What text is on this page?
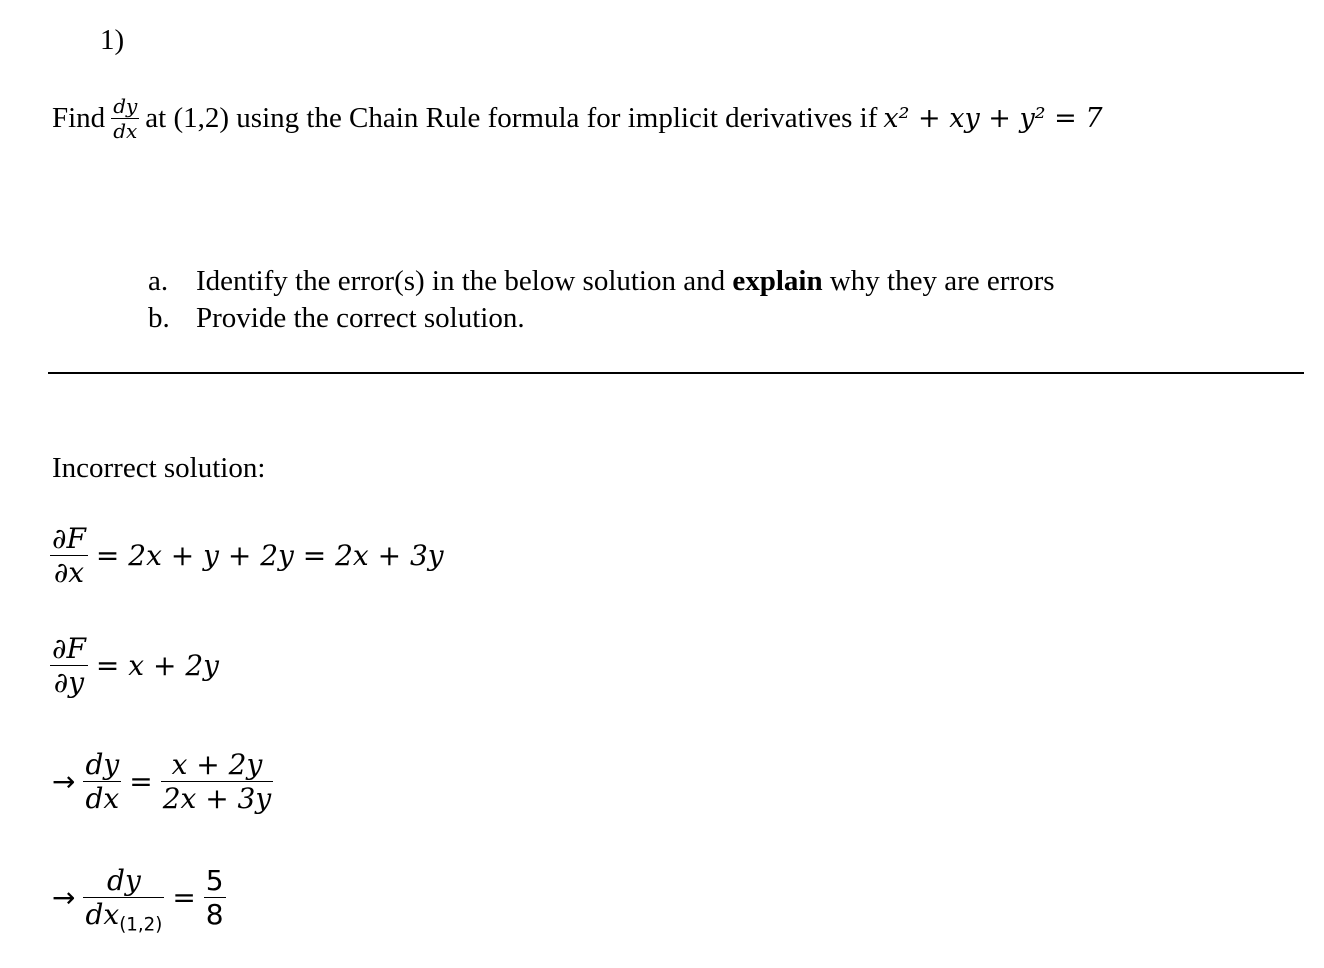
1)
Find $\frac{dy}{dx}$ at (1,2) using the Chain Rule formula for implicit derivatives if x² + xy + y² = 7
a. Identify the error(s) in the below solution and explain why they are errors
b. Provide the correct solution.
Incorrect solution:
$\frac{\partial F}{\partial x} = 2x + y + 2y = 2x + 3y$
$\frac{\partial F}{\partial y} = x + 2y$
→ $\frac{dy}{dx} = \frac{x + 2y}{2x + 3y}$
→ $\frac{dy}{dx_{(1,2)}} = \frac{5}{8}$
